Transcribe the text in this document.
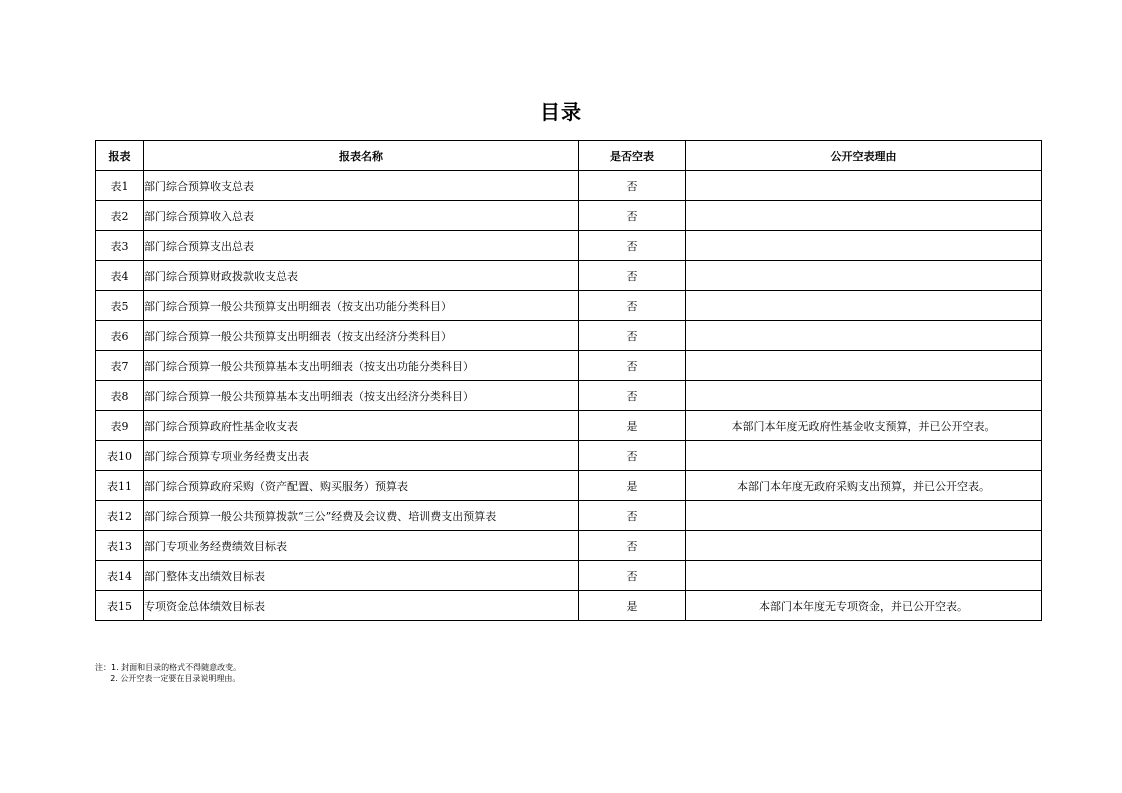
目录
报表	报表名称	是否空表	公开空表理由
表1	部门综合预算收支总表	否	
表2	部门综合预算收入总表	否	
表3	部门综合预算支出总表	否	
表4	部门综合预算财政拨款收支总表	否	
表5	部门综合预算一般公共预算支出明细表（按支出功能分类科目）	否	
表6	部门综合预算一般公共预算支出明细表（按支出经济分类科目）	否	
表7	部门综合预算一般公共预算基本支出明细表（按支出功能分类科目）	否	
表8	部门综合预算一般公共预算基本支出明细表（按支出经济分类科目）	否	
表9	部门综合预算政府性基金收支表	是	本部门本年度无政府性基金收支预算，并已公开空表。
表10	部门综合预算专项业务经费支出表	否	
表11	部门综合预算政府采购（资产配置、购买服务）预算表	是	本部门本年度无政府采购支出预算，并已公开空表。
表12	部门综合预算一般公共预算拨款“三公”经费及会议费、培训费支出预算表	否	
表13	部门专项业务经费绩效目标表	否	
表14	部门整体支出绩效目标表	否	
表15	专项资金总体绩效目标表	是	本部门本年度无专项资金，并已公开空表。
注：1. 封面和目录的格式不得随意改变。
2. 公开空表一定要在目录说明理由。
